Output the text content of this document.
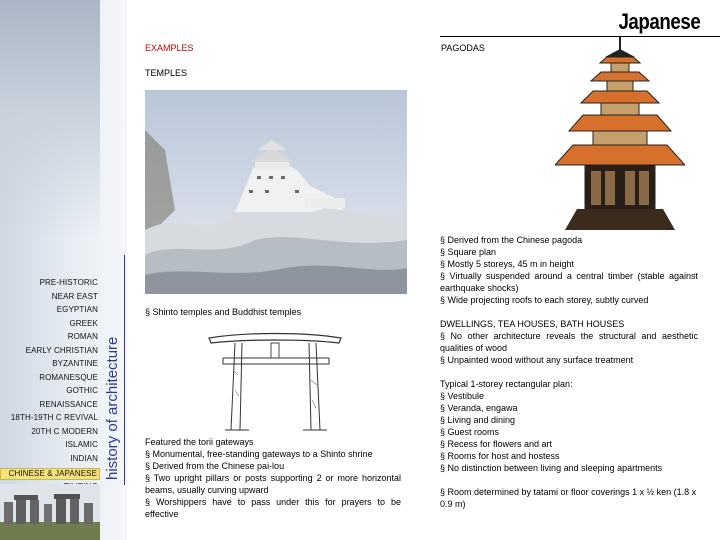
PRE-HISTORIC
NEAR EAST
EGYPTIAN
GREEK
ROMAN
EARLY CHRISTIAN
BYZANTINE
ROMANESQUE
GOTHIC
RENAISSANCE
18TH-19TH C REVIVAL
20TH C MODERN
ISLAMIC
INDIAN
CHINESE & JAPANESE history of architecture
Japanese
EXAMPLES	PAGODAS
TEMPLES
§ Shinto temples and Buddhist temples

Featured the torii gateways

§ Monumental, free-standing gateways to a Shinto shrine

§ Derived from the Chinese pai-lou

§ Two upright pillars or posts supporting 2 or more horizontal beams, usually curving upward

§ Worshippers have to pass under this for prayers to be effective

§ Derived from the Chinese pagoda

§ Square plan

§ Mostly 5 storeys, 45 m in height

§ Virtually suspended around a central timber (stable against earthquake shocks)

§ Wide projecting roofs to each storey, subtly curved

DWELLINGS, TEA HOUSES, BATH HOUSES

§ No other architecture reveals the structural and aesthetic qualities of wood

§ Unpainted wood without any surface treatment

Typical 1-storey rectangular plan:

§ Vestibule

§ Veranda, engawa

§ Living and dining

§ Guest rooms

§ Recess for flowers and art

§ Rooms for host and hostess

§ No distinction between living and sleeping apartments

§ Room determined by tatami or floor coverings 1 x ½ ken (1.8 x 0.9 m)
